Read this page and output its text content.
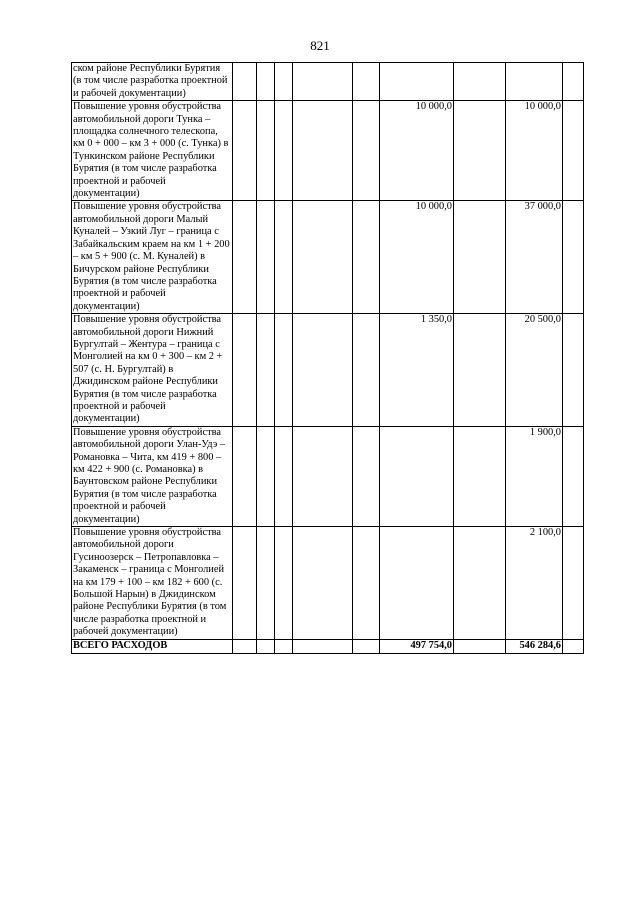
821
ском районе Республики Бурятия (в том числе разработка проектной и рабочей документации)									
Повышение уровня обустройства автомобильной дороги Тунка – площадка солнечного телескопа, км 0 + 000 – км 3 + 000 (с. Тунка) в Тункинском районе Республики Бурятия (в том числе разработка проектной и рабочей документации)						10 000,0		10 000,0	
Повышение уровня обустройства автомобильной дороги Малый Куналей – Узкий Луг – граница с Забайкальским краем на км 1 + 200 – км 5 + 900 (с. М. Куналей) в Бичурском районе Республики Бурятия (в том числе разработка проектной и рабочей документации)						10 000,0		37 000,0	
Повышение уровня обустройства автомобильной дороги Нижний Бургултай – Жентура – граница с Монголией на км 0 + 300 – км 2 + 507 (с. Н. Бургултай) в Джидинском районе Республики Бурятия (в том числе разработка проектной и рабочей документации)						1 350,0		20 500,0	
Повышение уровня обустройства автомобильной дороги Улан-Удэ – Романовка – Чита, км 419 + 800 – км 422 + 900 (с. Романовка) в Баунтовском районе Республики Бурятия (в том числе разработка проектной и рабочей документации)								1 900,0	
Повышение уровня обустройства автомобильной дороги Гусиноозерск – Петропавловка – Закаменск – граница с Монголией на км 179 + 100 – км 182 + 600 (с. Большой Нарын) в Джидинском районе Республики Бурятия (в том числе разработка проектной и рабочей документации)								2 100,0	
ВСЕГО РАСХОДОВ						497 754,0		546 284,6	
